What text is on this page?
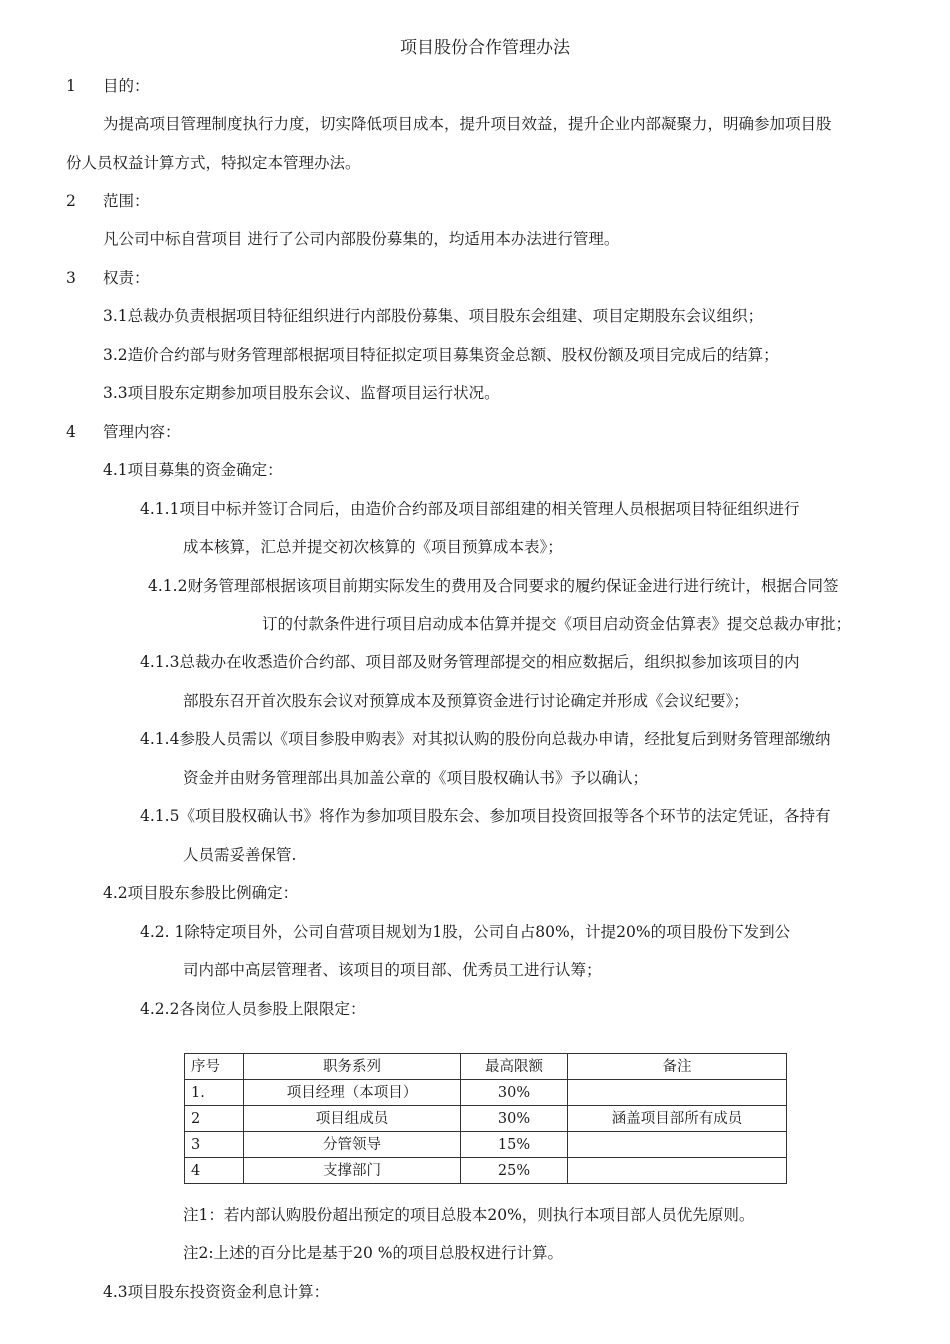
项目股份合作管理办法
1 目的：
为提高项目管理制度执行力度，切实降低项目成本，提升项目效益，提升企业内部凝聚力，明确参加项目股
份人员权益计算方式，特拟定本管理办法。
2 范围：
凡公司中标自营项目 进行了公司内部股份募集的，均适用本办法进行管理。
3 权责：
3.1总裁办负责根据项目特征组织进行内部股份募集、项目股东会组建、项目定期股东会议组织；
3.2造价合约部与财务管理部根据项目特征拟定项目募集资金总额、股权份额及项目完成后的结算；
3.3项目股东定期参加项目股东会议、监督项目运行状况。
4 管理内容：
4.1项目募集的资金确定：
4.1.1项目中标并签订合同后，由造价合约部及项目部组建的相关管理人员根据项目特征组织进行
成本核算，汇总并提交初次核算的《项目预算成本表》；
4.1.2财务管理部根据该项目前期实际发生的费用及合同要求的履约保证金进行进行统计，根据合同签
订的付款条件进行项目启动成本估算并提交《项目启动资金估算表》提交总裁办审批；
4.1.3总裁办在收悉造价合约部、项目部及财务管理部提交的相应数据后，组织拟参加该项目的内
部股东召开首次股东会议对预算成本及预算资金进行讨论确定并形成《会议纪要》；
4.1.4参股人员需以《项目参股申购表》对其拟认购的股份向总裁办申请，经批复后到财务管理部缴纳
资金并由财务管理部出具加盖公章的《项目股权确认书》予以确认；
4.1.5《项目股权确认书》将作为参加项目股东会、参加项目投资回报等各个环节的法定凭证，各持有
人员需妥善保管.
4.2项目股东参股比例确定：
4.2. 1除特定项目外，公司自营项目规划为1股，公司自占80%，计提20%的项目股份下发到公
司内部中高层管理者、该项目的项目部、优秀员工进行认筹；
4.2.2各岗位人员参股上限限定：
序号	职务系列	最高限额	备注
1.	项目经理（本项目）	30%	
2	项目组成员	30%	涵盖项目部所有成员
3	分管领导	15%	
4	支撑部门	25%	
注1：若内部认购股份超出预定的项目总股本20%，则执行本项目部人员优先原则。
注2:上述的百分比是基于20 %的项目总股权进行计算。
4.3项目股东投资资金利息计算：
